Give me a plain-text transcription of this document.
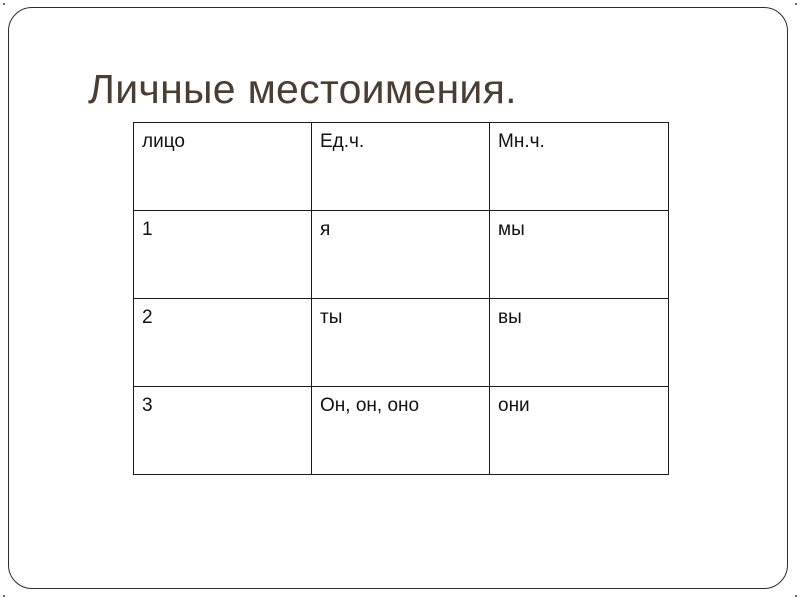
Личные местоимения.
лицо	Ед.ч.	Мн.ч.
1	я	мы
2	ты	вы
3	Он, он, оно	они
